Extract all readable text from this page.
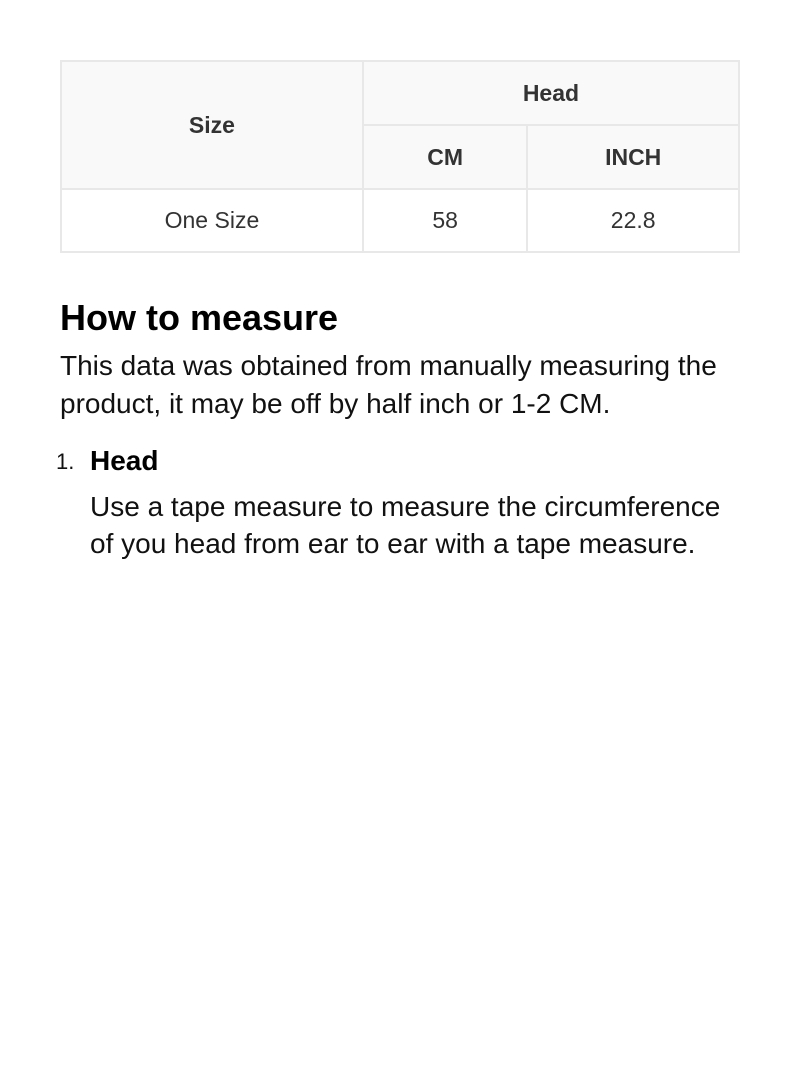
Size	Head	
	CM	INCH
One Size	58	22.8
How to measure

This data was obtained from manually measuring the product, it may be off by half inch or 1-2 CM.

1. Head
Use a tape measure to measure the circumference of you head from ear to ear with a tape measure.
